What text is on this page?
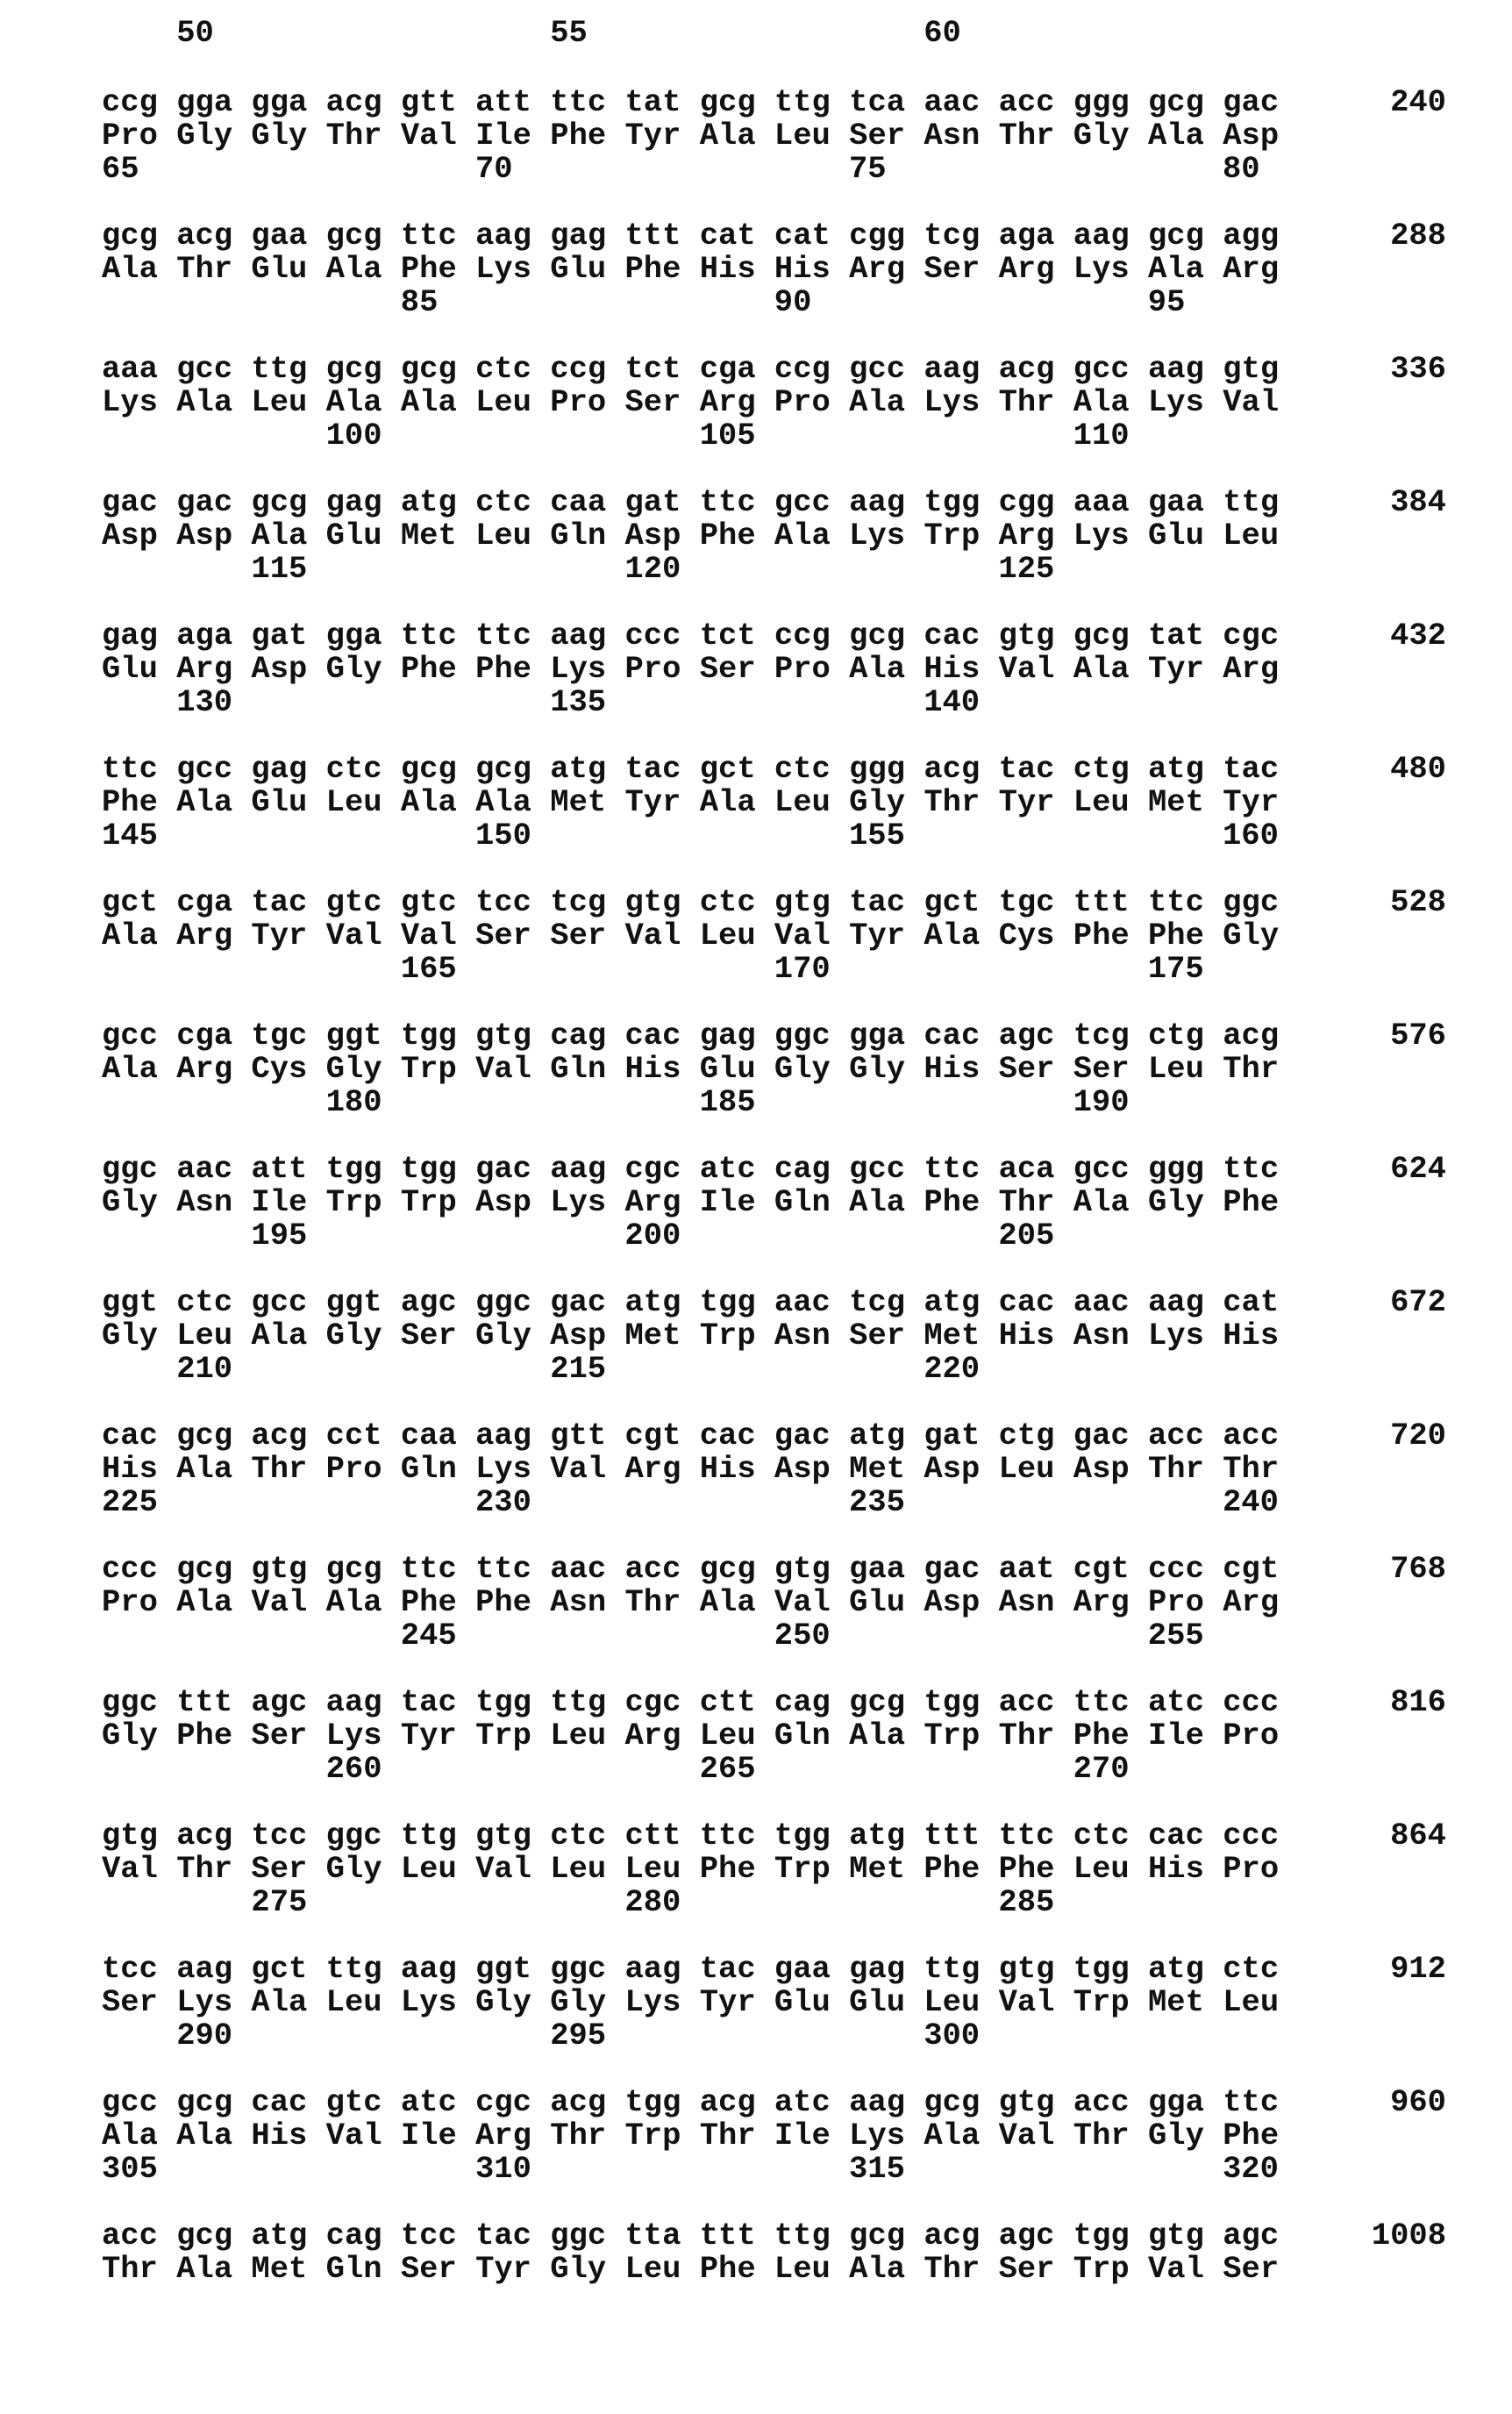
50	55	60
ccg gga gga acg gtt att ttc tat gcg ttg tca aac acc ggg gcg gac	240
Pro Gly Gly Thr Val Ile Phe Tyr Ala Leu Ser Asn Thr Gly Ala Asp
65	70	75	80
gcg acg gaa gcg ttc aag gag ttt cat cat cgg tcg aga aag gcg agg	288
Ala Thr Glu Ala Phe Lys Glu Phe His His Arg Ser Arg Lys Ala Arg
85	90	95
aaa gcc ttg gcg gcg ctc ccg tct cga ccg gcc aag acg gcc aag gtg	336
Lys Ala Leu Ala Ala Leu Pro Ser Arg Pro Ala Lys Thr Ala Lys Val
100	105	110
gac gac gcg gag atg ctc caa gat ttc gcc aag tgg cgg aaa gaa ttg	384
Asp Asp Ala Glu Met Leu Gln Asp Phe Ala Lys Trp Arg Lys Glu Leu
115	120	125
gag aga gat gga ttc ttc aag ccc tct ccg gcg cac gtg gcg tat cgc	432
Glu Arg Asp Gly Phe Phe Lys Pro Ser Pro Ala His Val Ala Tyr Arg
130	135	140
ttc gcc gag ctc gcg gcg atg tac gct ctc ggg acg tac ctg atg tac	480
Phe Ala Glu Leu Ala Ala Met Tyr Ala Leu Gly Thr Tyr Leu Met Tyr
145	150	155	160
gct cga tac gtc gtc tcc tcg gtg ctc gtg tac gct tgc ttt ttc ggc	528
Ala Arg Tyr Val Val Ser Ser Val Leu Val Tyr Ala Cys Phe Phe Gly
165	170	175
gcc cga tgc ggt tgg gtg cag cac gag ggc gga cac agc tcg ctg acg	576
Ala Arg Cys Gly Trp Val Gln His Glu Gly Gly His Ser Ser Leu Thr
180	185	190
ggc aac att tgg tgg gac aag cgc atc cag gcc ttc aca gcc ggg ttc	624
Gly Asn Ile Trp Trp Asp Lys Arg Ile Gln Ala Phe Thr Ala Gly Phe
195	200	205
ggt ctc gcc ggt agc ggc gac atg tgg aac tcg atg cac aac aag cat	672
Gly Leu Ala Gly Ser Gly Asp Met Trp Asn Ser Met His Asn Lys His
210	215	220
cac gcg acg cct caa aag gtt cgt cac gac atg gat ctg gac acc acc	720
His Ala Thr Pro Gln Lys Val Arg His Asp Met Asp Leu Asp Thr Thr
225	230	235	240
ccc gcg gtg gcg ttc ttc aac acc gcg gtg gaa gac aat cgt ccc cgt	768
Pro Ala Val Ala Phe Phe Asn Thr Ala Val Glu Asp Asn Arg Pro Arg
245	250	255
ggc ttt agc aag tac tgg ttg cgc ctt cag gcg tgg acc ttc atc ccc	816
Gly Phe Ser Lys Tyr Trp Leu Arg Leu Gln Ala Trp Thr Phe Ile Pro
260	265	270
gtg acg tcc ggc ttg gtg ctc ctt ttc tgg atg ttt ttc ctc cac ccc	864
Val Thr Ser Gly Leu Val Leu Leu Phe Trp Met Phe Phe Leu His Pro
275	280	285
tcc aag gct ttg aag ggt ggc aag tac gaa gag ttg gtg tgg atg ctc	912
Ser Lys Ala Leu Lys Gly Gly Lys Tyr Glu Glu Leu Val Trp Met Leu
290	295	300
gcc gcg cac gtc atc cgc acg tgg acg atc aag gcg gtg acc gga ttc	960
Ala Ala His Val Ile Arg Thr Trp Thr Ile Lys Ala Val Thr Gly Phe
305	310	315	320
acc gcg atg cag tcc tac ggc tta ttt ttg gcg acg agc tgg gtg agc	1008
Thr Ala Met Gln Ser Tyr Gly Leu Phe Leu Ala Thr Ser Trp Val Ser
